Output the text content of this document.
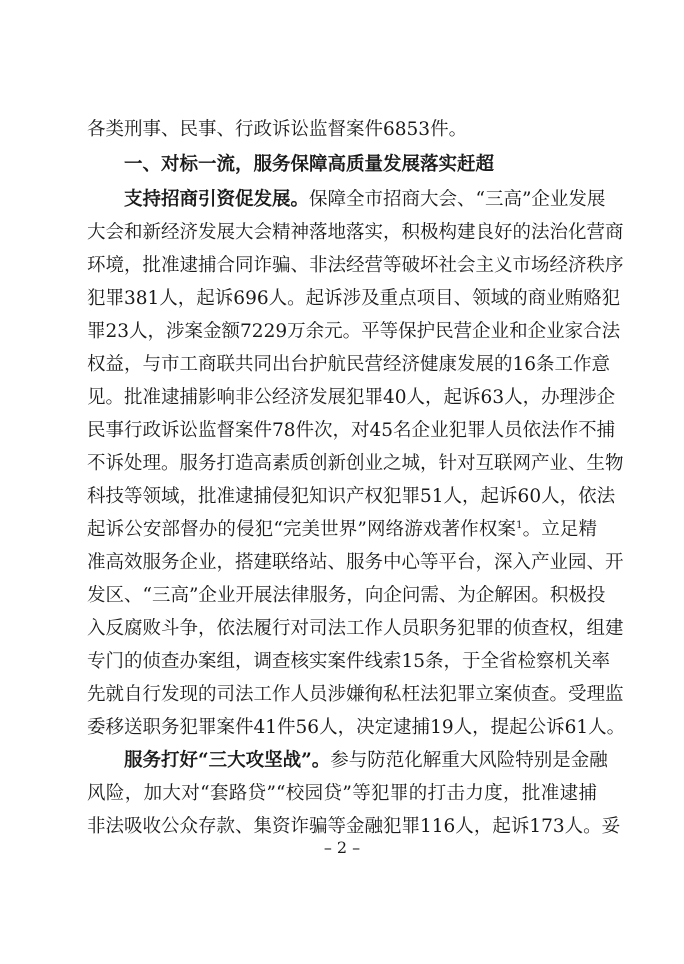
各类刑事、民事、行政诉讼监督案件6853件。
一、对标一流，服务保障高质量发展落实赶超
支持招商引资促发展。保障全市招商大会、“三高”企业发展
大会和新经济发展大会精神落地落实，积极构建良好的法治化营商
环境，批准逮捕合同诈骗、非法经营等破坏社会主义市场经济秩序
犯罪381人，起诉696人。起诉涉及重点项目、领域的商业贿赂犯
罪23人，涉案金额7229万余元。平等保护民营企业和企业家合法
权益，与市工商联共同出台护航民营经济健康发展的16条工作意
见。批准逮捕影响非公经济发展犯罪40人，起诉63人，办理涉企
民事行政诉讼监督案件78件次，对45名企业犯罪人员依法作不捕
不诉处理。服务打造高素质创新创业之城，针对互联网产业、生物
科技等领域，批准逮捕侵犯知识产权犯罪51人，起诉60人，依法
起诉公安部督办的侵犯“完美世界”网络游戏著作权案$^1$。立足精
准高效服务企业，搭建联络站、服务中心等平台，深入产业园、开
发区、“三高”企业开展法律服务，向企问需、为企解困。积极投
入反腐败斗争，依法履行对司法工作人员职务犯罪的侦查权，组建
专门的侦查办案组，调查核实案件线索15条，于全省检察机关率
先就自行发现的司法工作人员涉嫌徇私枉法犯罪立案侦查。受理监
委移送职务犯罪案件41件56人，决定逮捕19人，提起公诉61人。
服务打好“三大攻坚战”。参与防范化解重大风险特别是金融
风险，加大对“套路贷”“校园贷”等犯罪的打击力度，批准逮捕
非法吸收公众存款、集资诈骗等金融犯罪116人，起诉173人。妥
– 2 –
